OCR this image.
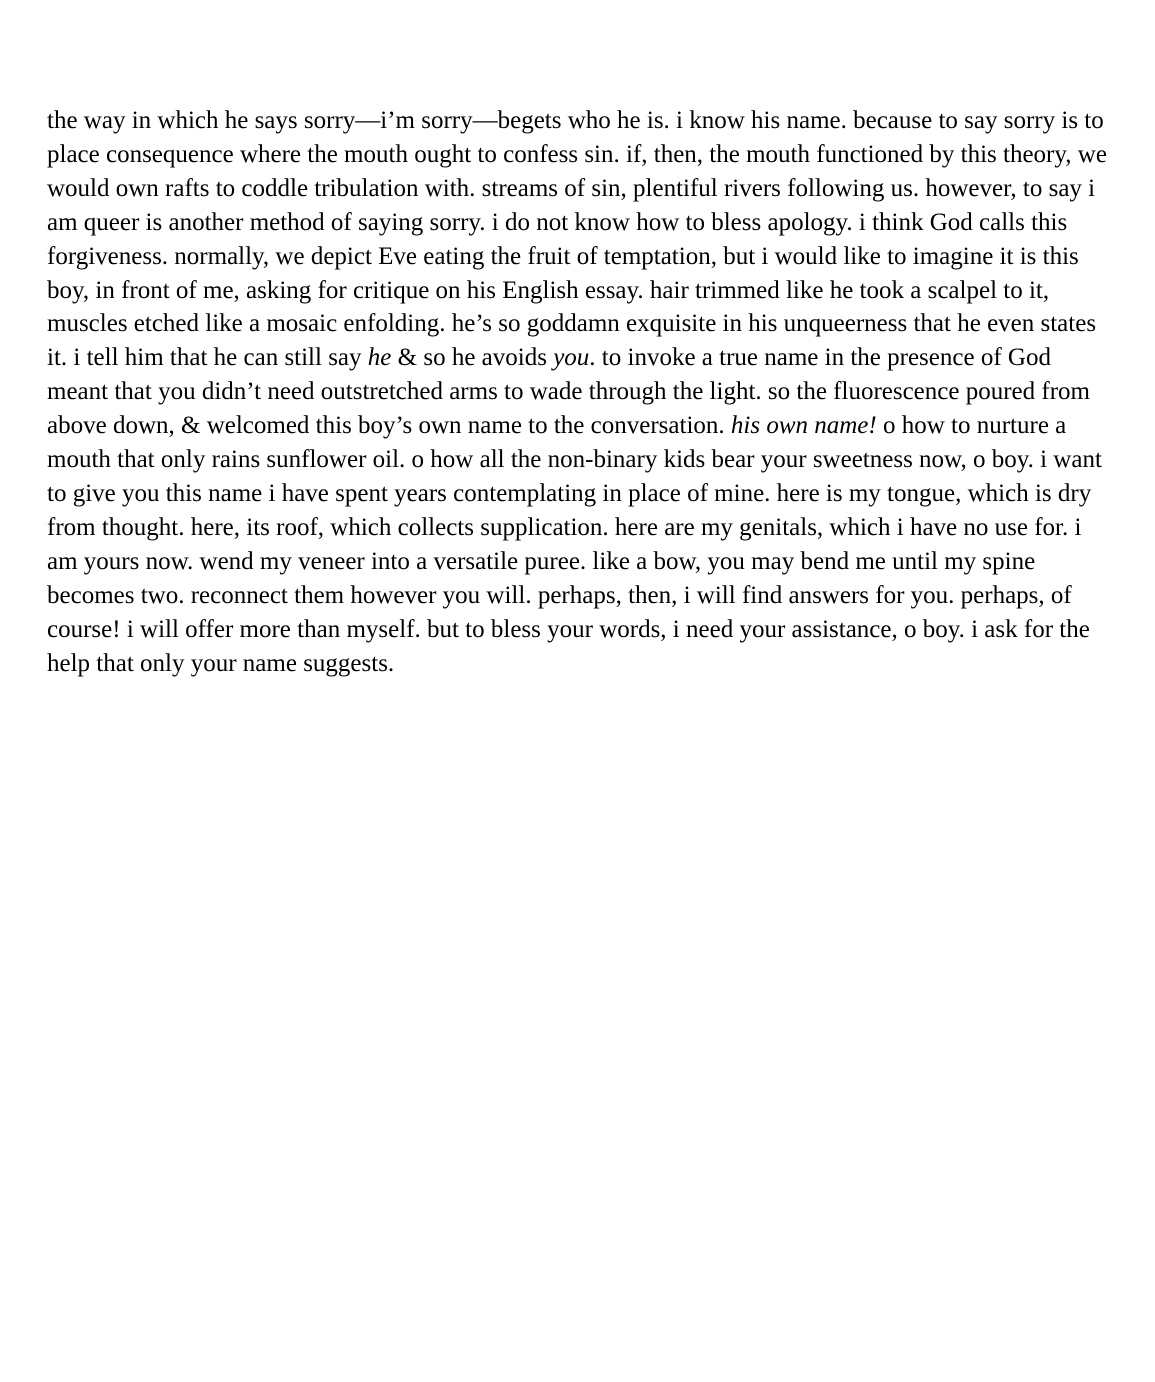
the way in which he says sorry—i’m sorry—begets who he is. i know his name. because to say sorry is to place consequence where the mouth ought to confess sin. if, then, the mouth functioned by this theory, we would own rafts to coddle tribulation with. streams of sin, plentiful rivers following us. however, to say i am queer is another method of saying sorry. i do not know how to bless apology. i think God calls this forgiveness. normally, we depict Eve eating the fruit of temptation, but i would like to imagine it is this boy, in front of me, asking for critique on his English essay. hair trimmed like he took a scalpel to it, muscles etched like a mosaic enfolding. he’s so goddamn exquisite in his unqueerness that he even states it. i tell him that he can still say he & so he avoids you. to invoke a true name in the presence of God meant that you didn’t need outstretched arms to wade through the light. so the fluorescence poured from above down, & welcomed this boy’s own name to the conversation. his own name! o how to nurture a mouth that only rains sunflower oil. o how all the non-binary kids bear your sweetness now, o boy. i want to give you this name i have spent years contemplating in place of mine. here is my tongue, which is dry from thought. here, its roof, which collects supplication. here are my genitals, which i have no use for. i am yours now. wend my veneer into a versatile puree. like a bow, you may bend me until my spine becomes two. reconnect them however you will. perhaps, then, i will find answers for you. perhaps, of course! i will offer more than myself. but to bless your words, i need your assistance, o boy. i ask for the help that only your name suggests.
